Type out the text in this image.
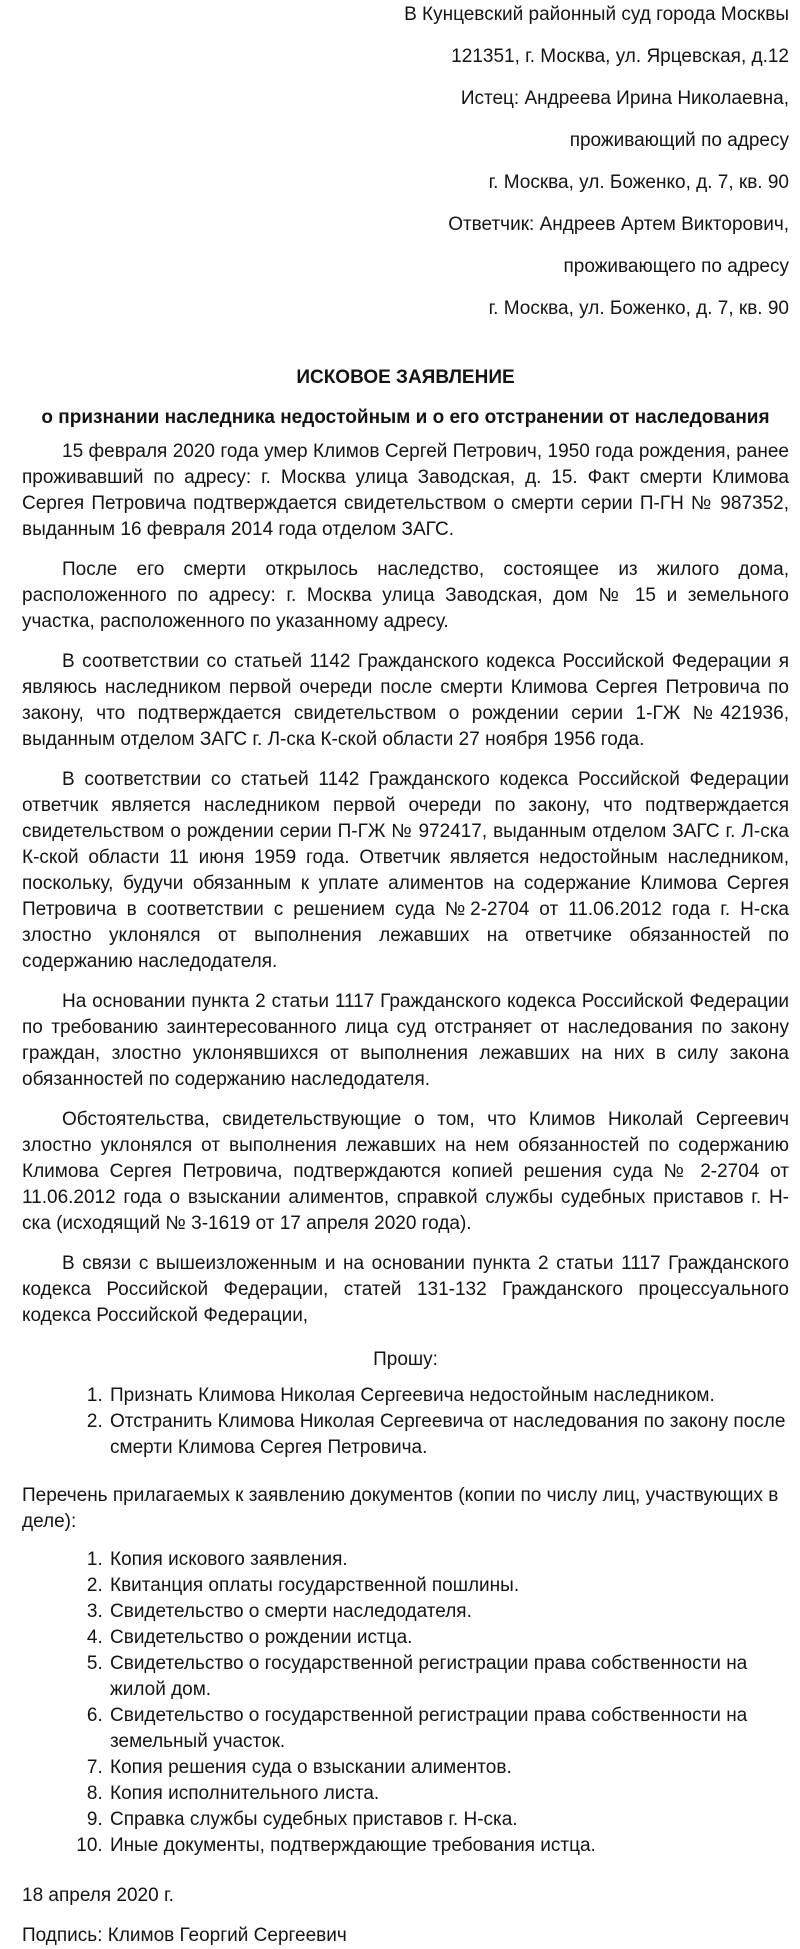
В Кунцевский районный суд города Москвы
121351, г. Москва, ул. Ярцевская, д.12
Истец: Андреева Ирина Николаевна,
проживающий по адресу
г. Москва, ул. Боженко, д. 7, кв. 90
Ответчик: Андреев Артем Викторович,
проживающего по адресу
г. Москва, ул. Боженко, д. 7, кв. 90
ИСКОВОЕ ЗАЯВЛЕНИЕ
о признании наследника недостойным и о его отстранении от наследования

15 февраля 2020 года умер Климов Сергей Петрович, 1950 года рождения, ранее проживавший по адресу: г. Москва улица Заводская, д. 15. Факт смерти Климова Сергея Петровича подтверждается свидетельством о смерти серии П-ГН № 987352, выданным 16 февраля 2014 года отделом ЗАГС.

После его смерти открылось наследство, состоящее из жилого дома, расположенного по адресу: г. Москва улица Заводская, дом № 15 и земельного участка, расположенного по указанному адресу.

В соответствии со статьей 1142 Гражданского кодекса Российской Федерации я являюсь наследником первой очереди после смерти Климова Сергея Петровича по закону, что подтверждается свидетельством о рождении серии 1-ГЖ №421936, выданным отделом ЗАГС г. Л-ска К-ской области 27 ноября 1956 года.

В соответствии со статьей 1142 Гражданского кодекса Российской Федерации ответчик является наследником первой очереди по закону, что подтверждается свидетельством о рождении серии П-ГЖ № 972417, выданным отделом ЗАГС г. Л-ска К-ской области 11 июня 1959 года. Ответчик является недостойным наследником, поскольку, будучи обязанным к уплате алиментов на содержание Климова Сергея Петровича в соответствии с решением суда №2-2704 от 11.06.2012 года г. Н-ска злостно уклонялся от выполнения лежавших на ответчике обязанностей по содержанию наследодателя.

На основании пункта 2 статьи 1117 Гражданского кодекса Российской Федерации по требованию заинтересованного лица суд отстраняет от наследования по закону граждан, злостно уклонявшихся от выполнения лежавших на них в силу закона обязанностей по содержанию наследодателя.

Обстоятельства, свидетельствующие о том, что Климов Николай Сергеевич злостно уклонялся от выполнения лежавших на нем обязанностей по содержанию Климова Сергея Петровича, подтверждаются копией решения суда № 2-2704 от 11.06.2012 года о взыскании алиментов, справкой службы судебных приставов г. Н-ска (исходящий № 3-1619 от 17 апреля 2020 года).

В связи с вышеизложенным и на основании пункта 2 статьи 1117 Гражданского кодекса Российской Федерации, статей 131-132 Гражданского процессуального кодекса Российской Федерации,

Прошу:
1. Признать Климова Николая Сергеевича недостойным наследником.
2. Отстранить Климова Николая Сергеевича от наследования по закону после смерти Климова Сергея Петровича.
Перечень прилагаемых к заявлению документов (копии по числу лиц, участвующих в деле):
1. Копия искового заявления.
2. Квитанция оплаты государственной пошлины.
3. Свидетельство о смерти наследодателя.
4. Свидетельство о рождении истца.
5. Свидетельство о государственной регистрации права собственности на жилой дом.
6. Свидетельство о государственной регистрации права собственности на земельный участок.
7. Копия решения суда о взыскании алиментов.
8. Копия исполнительного листа.
9. Справка службы судебных приставов г. Н-ска.
10. Иные документы, подтверждающие требования истца.
18 апреля 2020 г.
Подпись: Климов Георгий Сергеевич
